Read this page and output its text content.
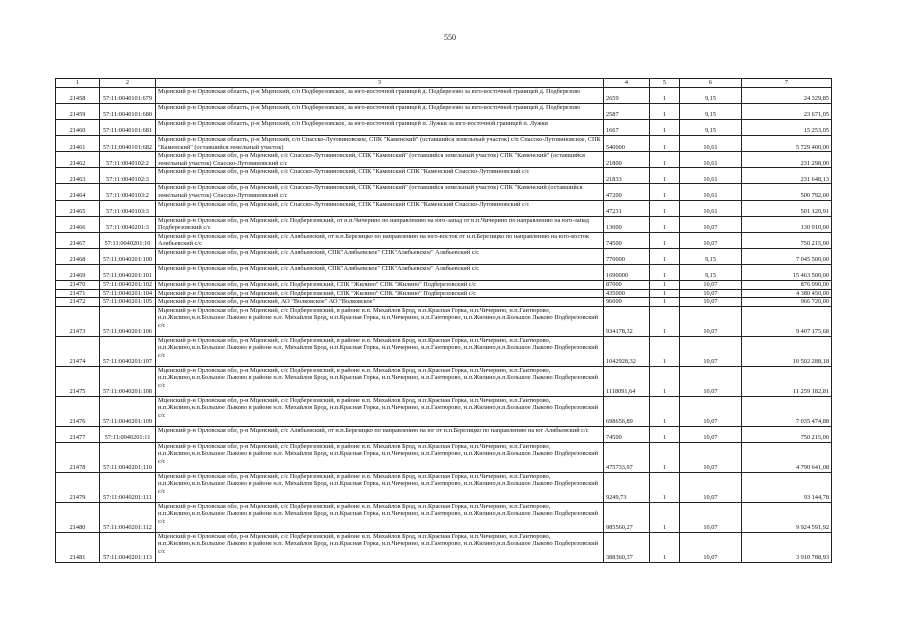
550
1	2	3	4	5	6	7
21458	57:11:0040101:679	Мценский р-н Орловская область, р-н Мценский, с/п Подберезовское, за юго-восточной границей д. Подберезово за юго-восточной границей д. Подберезово	2659	1	9,15	24 329,85
21459	57:11:0040101:680	Мценский р-н Орловская область, р-н Мценский, с/п Подберезовское, за юго-восточной границей д. Подберезово за юго-восточной границей д. Подберезово	2587	1	9,15	23 671,05
21460	57:11:0040101:681	Мценский р-н Орловская область, р-н Мценский, с/п Подберезовское, за юго-восточной границей п. Лужки за юго-восточной границей п. Лужки	1667	1	9,15	15 253,05
21461	57:11:0040101:682	Мценский р-н Орловская область, р-н Мценский, с/п Спасско-Лутовиновское, СПК "Каменский" (оставшийся земельный участок) с/п Спасско-Лутовиновское, СПК "Каменский" (оставшийся земельный участок)	540000	1	10,61	5 729 400,00
21462	57:11:0040102:2	Мценский р-н Орловская обл, р-н Мценский, с/с Спасско-Лутовиновский, СПК "Каменский" (оставшийся земельный участок) СПК "Каменский" (оставшийся земельный участок) Спасско-Лутовиновский с/с	21800	1	10,61	231 298,00
21463	57:11:0040102:3	Мценский р-н Орловская обл, р-н Мценский, с/с Спасско-Лутовиновский, СПК "Каменский СПК "Каменский Спасско-Лутовиновский с/с	21833	1	10,61	231 648,13
21464	57:11:0040103:2	Мценский р-н Орловская обл, р-н Мценский, с/с Спасско-Лутовиновский, СПК "Каменский" (оставшийся земельный участок) СПК "Каменский (оставшийся земельный участок) Спасско-Лутовиновский с/с	47200	1	10,61	500 792,00
21465	57:11:0040103:3	Мценский р-н Орловская обл, р-н Мценский, с/с Спасско-Лутовиновский, СПК "Каменский СПК "Каменский Спасско-Лутовиновский с/с	47231	1	10,61	501 120,91
21466	57:11:0040201:3	Мценский р-н Орловская обл, р-н Мценский, с/с Подберезовский, от н.п.Чичерино по направлению на юго-запад от н.п.Чичерино по направлению на юго-запад Подберезовский с/с	13000	1	10,07	130 910,00
21467	57:11:0040201:10	Мценский р-н Орловская обл, р-н Мценский, с/с Алябьевский, от н.п.Березицко по направлению на юго-восток от н.п.Березицко по направлению на юго-восток Алябьевский с/с	74500	1	10,07	750 215,00
21468	57:11:0040201:100	Мценский р-н Орловская обл, р-н Мценский, с/с Алябьевский, СПК"Алябьевское" СПК"Алябьевское" Алябьевский с/с	770000	1	9,15	7 045 500,00
21469	57:11:0040201:101	Мценский р-н Орловская обл, р-н Мценский, с/с Алябьевский, СПК"Алябьевское" СПК"Алябьевское" Алябьевский с/с	1690000	1	9,15	15 463 500,00
21470	57:11:0040201:102	Мценский р-н Орловская обл, р-н Мценский, с/с Подберезовский, СПК "Жилино" СПК "Жилино" Подберезовский с/с	87000	1	10,07	876 090,00
21471	57:11:0040201:104	Мценский р-н Орловская обл, р-н Мценский, с/с Подберезовский, СПК "Жилино" СПК "Жилино" Подберезовский с/с	435000	1	10,07	4 380 450,00
21472	57:11:0040201:105	Мценский р-н Орловская обл, р-н Мценский, АО "Волковское" АО "Волковское"	96000	1	10,07	966 720,00
21473	57:11:0040201:106	Мценский р-н Орловская обл, р-н Мценский, с/с Подберезовский, в районе н.п. Михайлов Брод, н.п.Красная Горка, н.п.Чичерино, н.п.Гантюрово, н.п.Жилино,н.п.Большое Лыково в районе н.п. Михайлов Брод, н.п.Красная Горка, н.п.Чичерино, н.п.Гантюрово, н.п.Жилино,н.п.Большое Лыково Подберезовский с/с	934178,32	1	10,07	9 407 175,68
21474	57:11:0040201:107	Мценский р-н Орловская обл, р-н Мценский, с/с Подберезовский, в районе н.п. Михайлов Брод, н.п.Красная Горка, н.п.Чичерино, н.п.Гантюрово, н.п.Жилино,н.п.Большое Лыково в районе н.п. Михайлов Брод, н.п.Красная Горка, н.п.Чичерино, н.п.Гантюрово, н.п.Жилино,н.п.Большое Лыково Подберезовский с/с	1042928,32	1	10,07	10 502 288,18
21475	57:11:0040201:108	Мценский р-н Орловская обл, р-н Мценский, с/с Подберезовский, в районе н.п. Михайлов Брод, н.п.Красная Горка, н.п.Чичерино, н.п.Гантюрово, н.п.Жилино,н.п.Большое Лыково в районе н.п. Михайлов Брод, н.п.Красная Горка, н.п.Чичерино, н.п.Гантюрово, н.п.Жилино,н.п.Большое Лыково Подберезовский с/с	1118091,64	1	10,07	11 259 182,81
21476	57:11:0040201:109	Мценский р-н Орловская обл, р-н Мценский, с/с Подберезовский, в районе н.п. Михайлов Брод, н.п.Красная Горка, н.п.Чичерино, н.п.Гантюрово, н.п.Жилино,н.п.Большое Лыково в районе н.п. Михайлов Брод, н.п.Красная Горка, н.п.Чичерино, н.п.Гантюрово, н.п.Жилино,н.п.Большое Лыково Подберезовский с/с	698656,89	1	10,07	7 035 474,88
21477	57:11:0040201:11	Мценский р-н Орловская обл, р-н Мценский, с/с Алябьевский, от н.п.Березицко по направлению на юг от н.п.Березицко по направлению на юг Алябьевский с/с	74500	1	10,07	750 215,00
21478	57:11:0040201:110	Мценский р-н Орловская обл, р-н Мценский, с/с Подберезовский, в районе н.п. Михайлов Брод, н.п.Красная Горка, н.п.Чичерино, н.п.Гантюрово, н.п.Жилино,н.п.Большое Лыково в районе н.п. Михайлов Брод, н.п.Красная Горка, н.п.Чичерино, н.п.Гантюрово, н.п.Жилино,н.п.Большое Лыково Подберезовский с/с	475733,97	1	10,07	4 790 641,08
21479	57:11:0040201:111	Мценский р-н Орловская обл, р-н Мценский, с/с Подберезовский, в районе н.п. Михайлов Брод, н.п.Красная Горка, н.п.Чичерино, н.п.Гантюрово, н.п.Жилино,н.п.Большое Лыково в районе н.п. Михайлов Брод, н.п.Красная Горка, н.п.Чичерино, н.п.Гантюрово, н.п.Жилино,н.п.Большое Лыково Подберезовский с/с	9249,73	1	10,07	93 144,78
21480	57:11:0040201:112	Мценский р-н Орловская обл, р-н Мценский, с/с Подберезовский, в районе н.п. Михайлов Брод, н.п.Красная Горка, н.п.Чичерино, н.п.Гантюрово, н.п.Жилино,н.п.Большое Лыково в районе н.п. Михайлов Брод, н.п.Красная Горка, н.п.Чичерино, н.п.Гантюрово, н.п.Жилино,н.п.Большое Лыково Подберезовский с/с	985560,27	1	10,07	9 924 591,92
21481	57:11:0040201:113	Мценский р-н Орловская обл, р-н Мценский, с/с Подберезовский, в районе н.п. Михайлов Брод, н.п.Красная Горка, н.п.Чичерино, н.п.Гантюрово, н.п.Жилино,н.п.Большое Лыково в районе н.п. Михайлов Брод, н.п.Красная Горка, н.п.Чичерино, н.п.Гантюрово, н.п.Жилино,н.п.Большое Лыково Подберезовский с/с	388360,37	1	10,07	3 910 788,93
